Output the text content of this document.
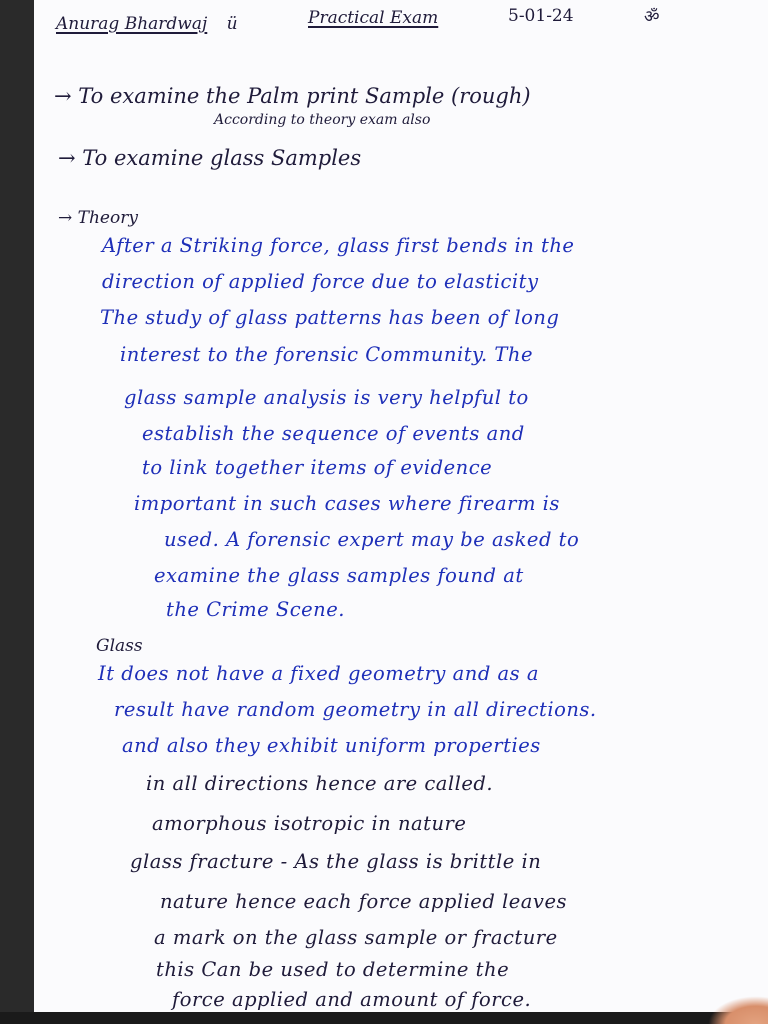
Anurag Bhardwaj ü	Practical Exam	5-01-24	ॐ
→ To examine the Palm print Sample (rough)
According to theory exam also
→ To examine glass Samples
→ Theory
After a Striking force, glass first bends in the
direction of applied force due to elasticity
The study of glass patterns has been of long
interest to the forensic Community. The
glass sample analysis is very helpful to
establish the sequence of events and
to link together items of evidence
important in such cases where firearm is
used. A forensic expert may be asked to
examine the glass samples found at
the Crime Scene.
Glass
It does not have a fixed geometry and as a
result have random geometry in all directions.
and also they exhibit uniform properties
in all directions hence are called.
amorphous isotropic in nature
glass fracture - As the glass is brittle in
nature hence each force applied leaves
a mark on the glass sample or fracture
this Can be used to determine the
force applied and amount of force.
